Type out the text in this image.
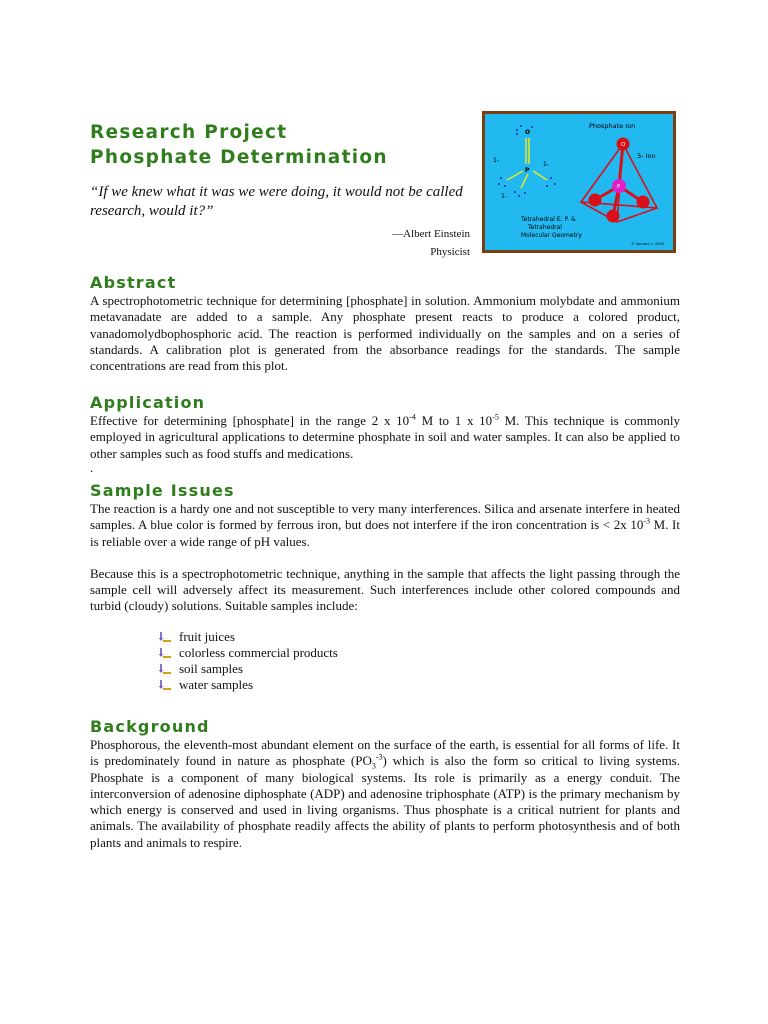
Research Project
Phosphate Determination
“If we knew what it was we were doing, it would not be called research, would it?”
—Albert Einstein
Physicist
Phosphate Ion
3- Ion
O
P
1-
1-
1-
O
P
Tetrahedral E. P. &
Tetrahedral
Molecular Geometry
© Sprusel, c. 2003
Abstract

A spectrophotometric technique for determining [phosphate] in solution. Ammonium molybdate and ammonium metavanadate are added to a sample. Any phosphate present reacts to produce a colored product, vanadomolydbophosphoric acid. The reaction is performed individually on the samples and on a series of standards. A calibration plot is generated from the absorbance readings for the standards. The sample concentrations are read from this plot.

Application

Effective for determining [phosphate] in the range 2 x $10^{-4}$ M to 1 x $10^{-5}$ M. This technique is commonly employed in agricultural applications to determine phosphate in soil and water samples. It can also be applied to other samples such as food stuffs and medications.

.

Sample Issues

The reaction is a hardy one and not susceptible to very many interferences. Silica and arsenate interfere in heated samples. A blue color is formed by ferrous iron, but does not interfere if the iron concentration is < 2x $10^{-3}$ M. It is reliable over a wide range of pH values.

Because this is a spectrophotometric technique, anything in the sample that affects the light passing through the sample cell will adversely affect its measurement. Such interferences include other colored compounds and turbid (cloudy) solutions. Suitable samples include:

fruit juices
colorless commercial products
soil samples
water samples
Background

Phosphorous, the eleventh-most abundant element on the surface of the earth, is essential for all forms of life. It is predominately found in nature as phosphate $(PO_3^{-3})$ which is also the form so critical to living systems. Phosphate is a component of many biological systems. Its role is primarily as a energy conduit. The interconversion of adenosine diphosphate (ADP) and adenosine triphosphate (ATP) is the primary mechanism by which energy is conserved and used in living organisms. Thus phosphate is a critical nutrient for plants and animals. The availability of phosphate readily affects the ability of plants to perform photosynthesis and of both plants and animals to respire.
